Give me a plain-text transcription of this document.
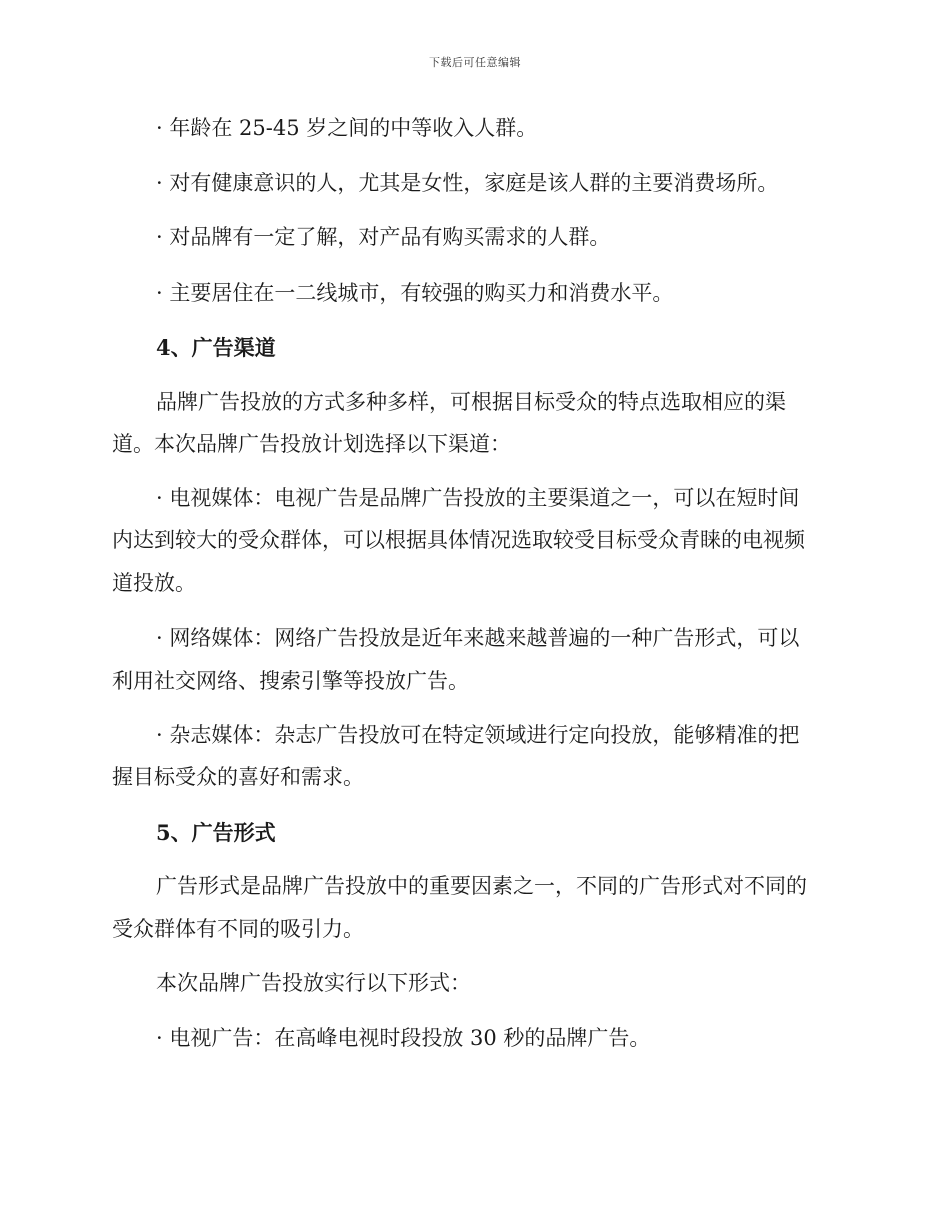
下载后可任意编辑
· 年龄在 25-45 岁之间的中等收入人群。
· 对有健康意识的人，尤其是女性，家庭是该人群的主要消费场所。
· 对品牌有一定了解，对产品有购买需求的人群。
· 主要居住在一二线城市，有较强的购买力和消费水平。
4、广告渠道
品牌广告投放的方式多种多样，可根据目标受众的特点选取相应的渠
道。本次品牌广告投放计划选择以下渠道：
· 电视媒体：电视广告是品牌广告投放的主要渠道之一，可以在短时间
内达到较大的受众群体，可以根据具体情况选取较受目标受众青睐的电视频
道投放。
· 网络媒体：网络广告投放是近年来越来越普遍的一种广告形式，可以
利用社交网络、搜索引擎等投放广告。
· 杂志媒体：杂志广告投放可在特定领域进行定向投放，能够精准的把
握目标受众的喜好和需求。
5、广告形式
广告形式是品牌广告投放中的重要因素之一，不同的广告形式对不同的
受众群体有不同的吸引力。
本次品牌广告投放实行以下形式：
· 电视广告：在高峰电视时段投放 30 秒的品牌广告。
